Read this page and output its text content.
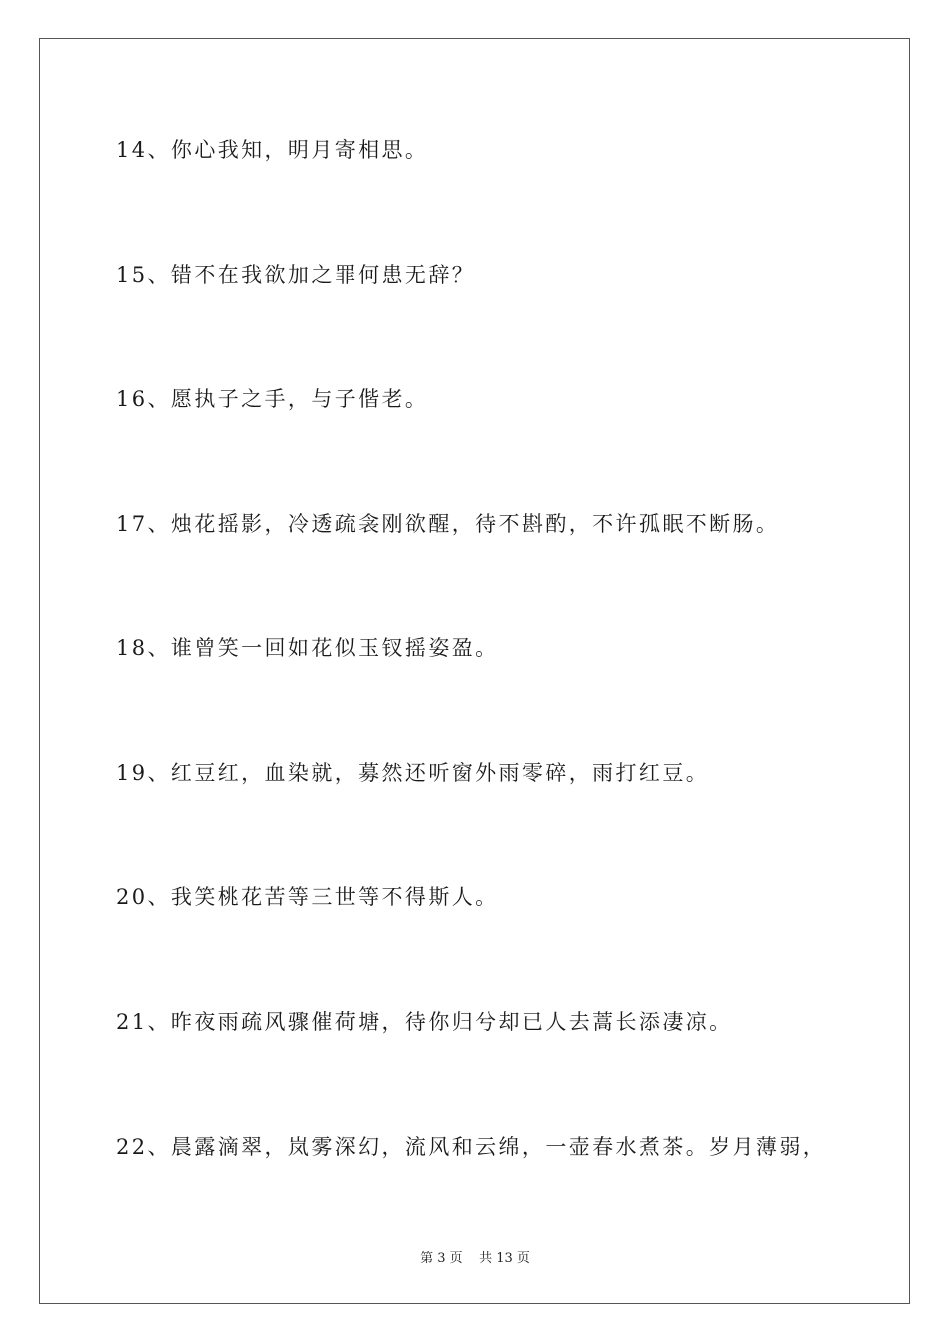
14、你心我知，明月寄相思。
15、错不在我欲加之罪何患无辞？
16、愿执子之手，与子偕老。
17、烛花摇影，冷透疏衾刚欲醒，待不斟酌，不许孤眠不断肠。
18、谁曾笑一回如花似玉钗摇姿盈。
19、红豆红，血染就，募然还听窗外雨零碎，雨打红豆。
20、我笑桃花苦等三世等不得斯人。
21、昨夜雨疏风骤催荷塘，待你归兮却已人去蒿长添凄凉。
22、晨露滴翠，岚雾深幻，流风和云绵，一壶春水煮茶。岁月薄弱，
第 3 页    共 13 页
